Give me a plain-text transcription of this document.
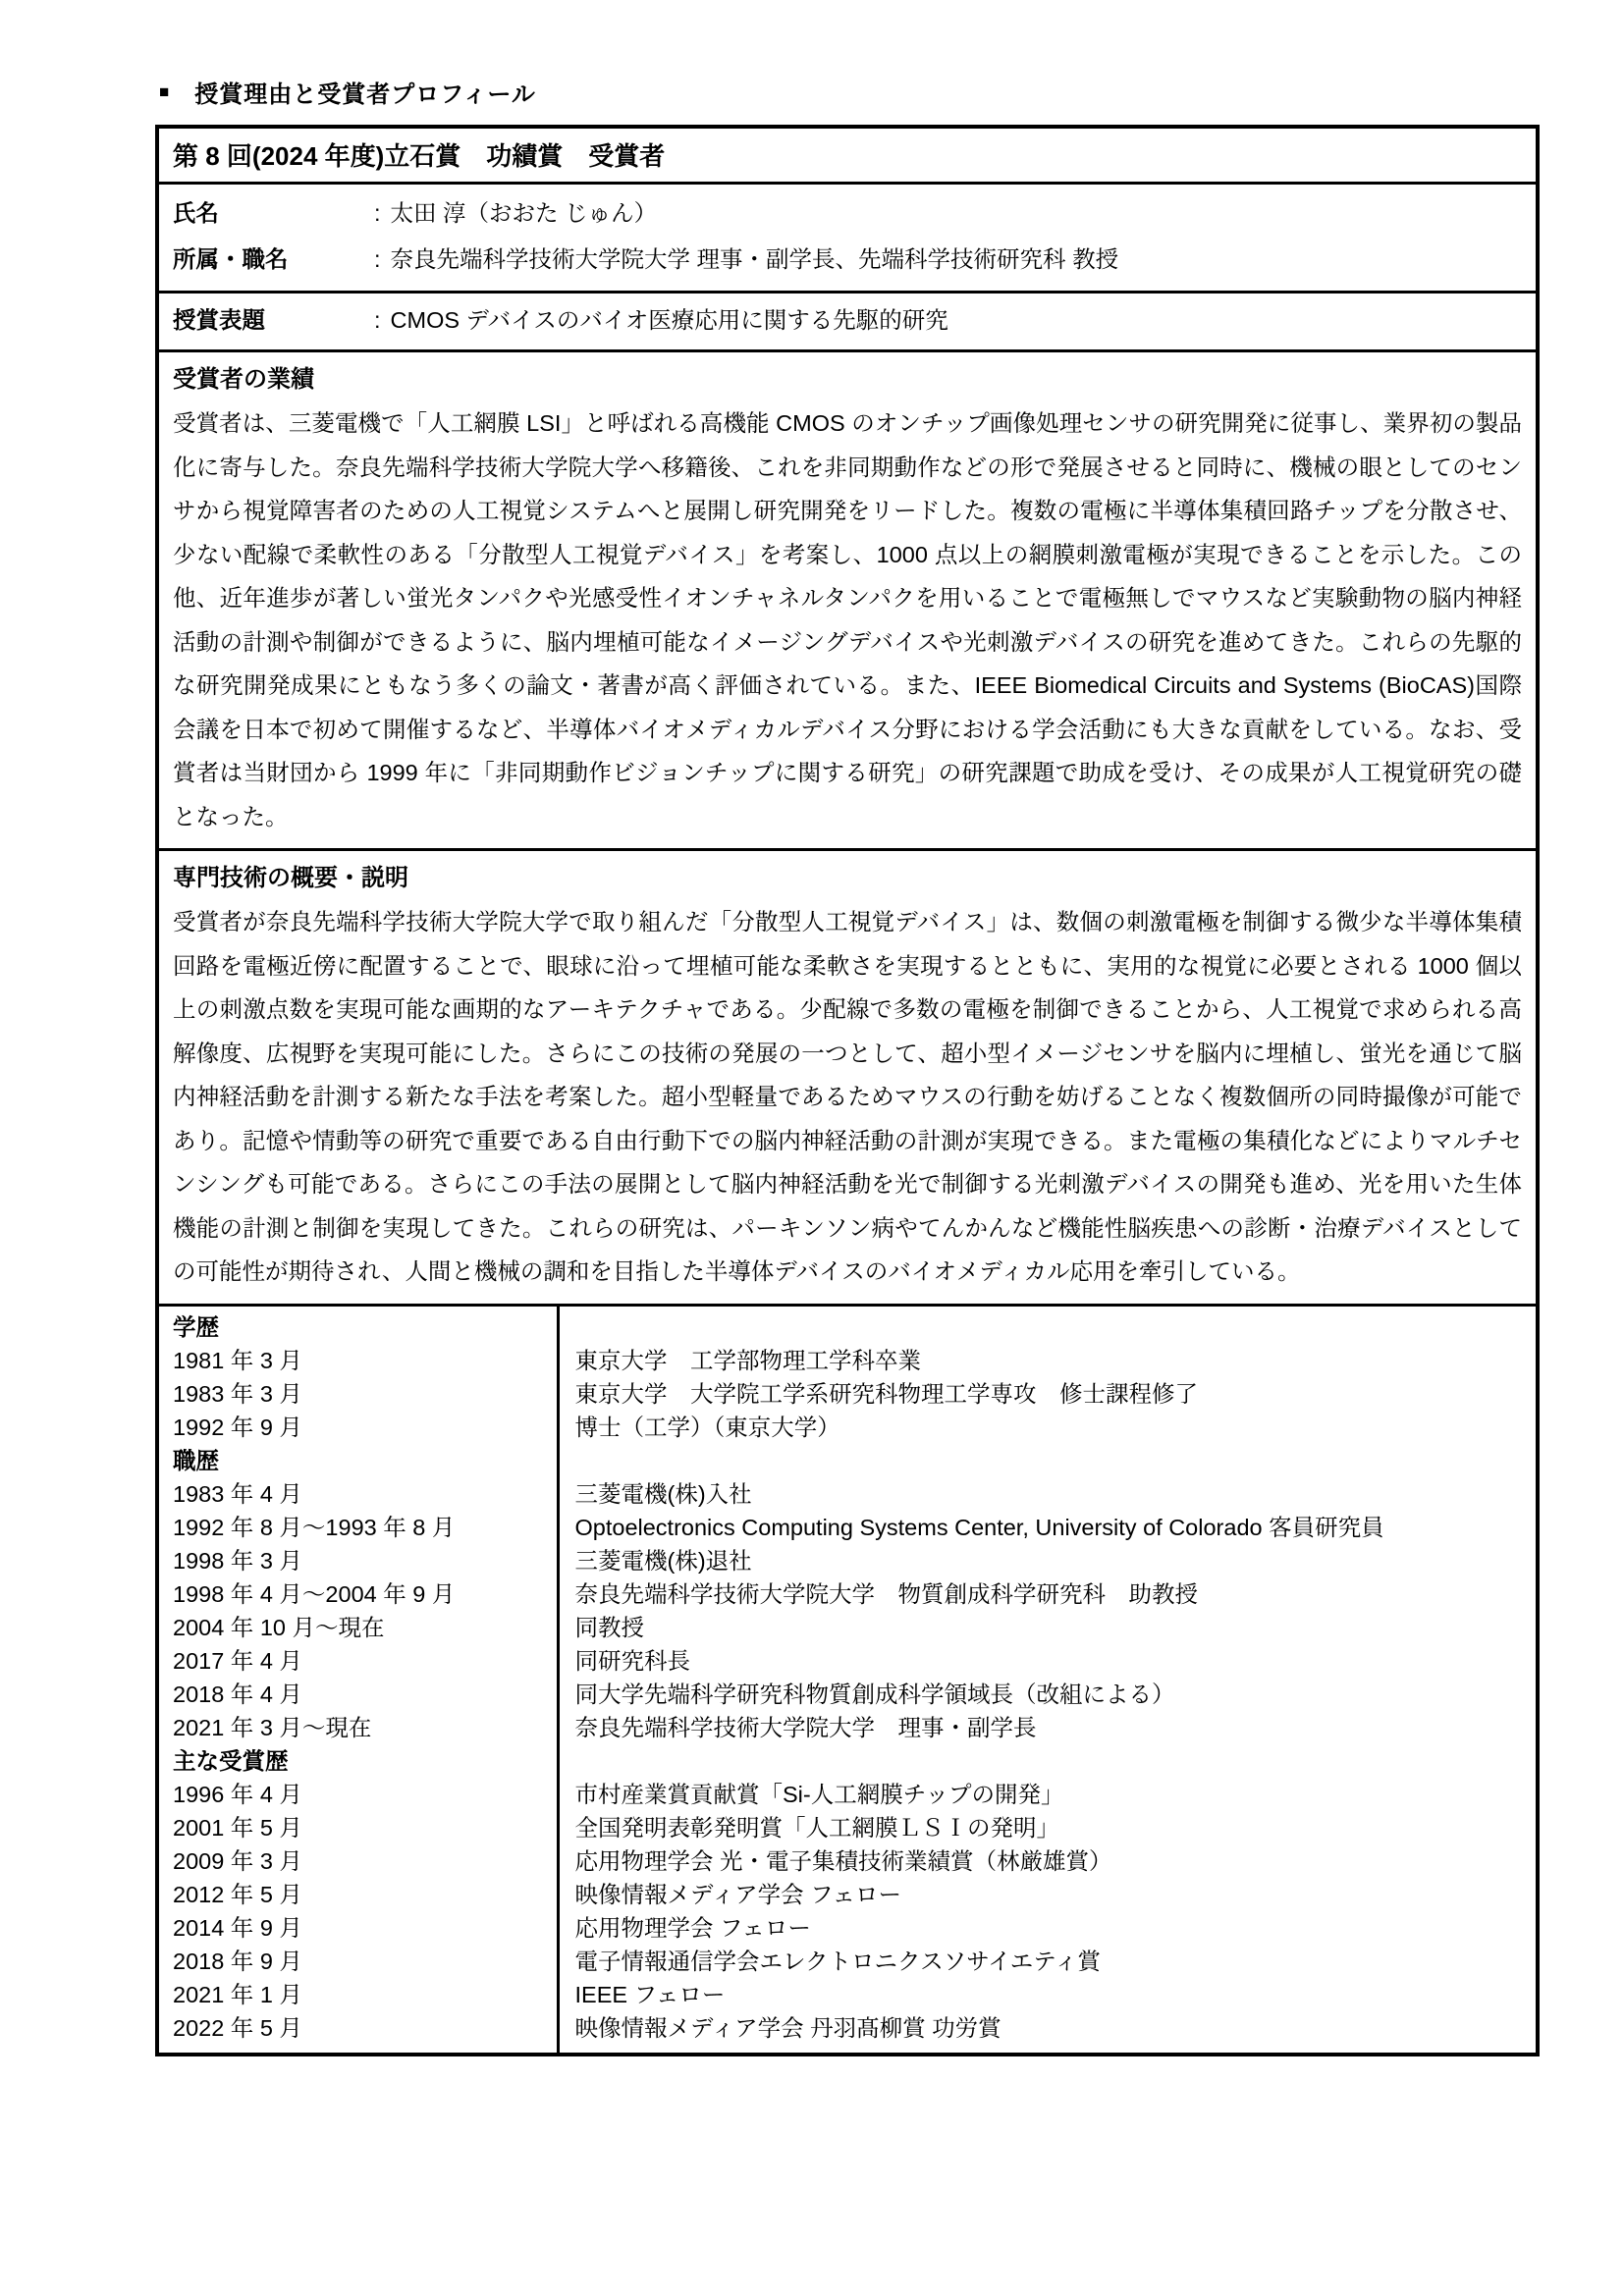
■ 授賞理由と受賞者プロフィール
第 8 回(2024 年度)立石賞　功績賞　受賞者
氏名	: 太田 淳（おおた じゅん）
所属・職名	: 奈良先端科学技術大学院大学 理事・副学長、先端科学技術研究科 教授
授賞表題	: CMOS デバイスのバイオ医療応用に関する先駆的研究
受賞者の業績

受賞者は、三菱電機で「人工網膜 LSI」と呼ばれる高機能 CMOS のオンチップ画像処理センサの研究開発に従事し、業界初の製品化に寄与した。奈良先端科学技術大学院大学へ移籍後、これを非同期動作などの形で発展させると同時に、機械の眼としてのセンサから視覚障害者のための人工視覚システムへと展開し研究開発をリードした。複数の電極に半導体集積回路チップを分散させ、少ない配線で柔軟性のある「分散型人工視覚デバイス」を考案し、1000 点以上の網膜刺激電極が実現できることを示した。この他、近年進歩が著しい蛍光タンパクや光感受性イオンチャネルタンパクを用いることで電極無しでマウスなど実験動物の脳内神経活動の計測や制御ができるように、脳内埋植可能なイメージングデバイスや光刺激デバイスの研究を進めてきた。これらの先駆的な研究開発成果にともなう多くの論文・著書が高く評価されている。また、IEEE Biomedical Circuits and Systems (BioCAS)国際会議を日本で初めて開催するなど、半導体バイオメディカルデバイス分野における学会活動にも大きな貢献をしている。なお、受賞者は当財団から 1999 年に「非同期動作ビジョンチップに関する研究」の研究課題で助成を受け、その成果が人工視覚研究の礎となった。

専門技術の概要・説明

受賞者が奈良先端科学技術大学院大学で取り組んだ「分散型人工視覚デバイス」は、数個の刺激電極を制御する微少な半導体集積回路を電極近傍に配置することで、眼球に沿って埋植可能な柔軟さを実現するとともに、実用的な視覚に必要とされる 1000 個以上の刺激点数を実現可能な画期的なアーキテクチャである。少配線で多数の電極を制御できることから、人工視覚で求められる高解像度、広視野を実現可能にした。さらにこの技術の発展の一つとして、超小型イメージセンサを脳内に埋植し、蛍光を通じて脳内神経活動を計測する新たな手法を考案した。超小型軽量であるためマウスの行動を妨げることなく複数個所の同時撮像が可能であり。記憶や情動等の研究で重要である自由行動下での脳内神経活動の計測が実現できる。また電極の集積化などによりマルチセンシングも可能である。さらにこの手法の展開として脳内神経活動を光で制御する光刺激デバイスの開発も進め、光を用いた生体機能の計測と制御を実現してきた。これらの研究は、パーキンソン病やてんかんなど機能性脳疾患への診断・治療デバイスとしての可能性が期待され、人間と機械の調和を目指した半導体デバイスのバイオメディカル応用を牽引している。

学歴	
1981 年 3 月	東京大学　工学部物理工学科卒業
1983 年 3 月	東京大学　大学院工学系研究科物理工学専攻　修士課程修了
1992 年 9 月	博士（工学）（東京大学）
職歴	
1983 年 4 月	三菱電機(株)入社
1992 年 8 月～1993 年 8 月	Optoelectronics Computing Systems Center, University of Colorado 客員研究員
1998 年 3 月	三菱電機(株)退社
1998 年 4 月～2004 年 9 月	奈良先端科学技術大学院大学　物質創成科学研究科　助教授
2004 年 10 月～現在	同教授
2017 年 4 月	同研究科長
2018 年 4 月	同大学先端科学研究科物質創成科学領域長（改組による）
2021 年 3 月～現在	奈良先端科学技術大学院大学　理事・副学長
主な受賞歴	
1996 年 4 月	市村産業賞貢献賞「Si-人工網膜チップの開発」
2001 年 5 月	全国発明表彰発明賞「人工網膜ＬＳＩの発明」
2009 年 3 月	応用物理学会 光・電子集積技術業績賞（林厳雄賞）
2012 年 5 月	映像情報メディア学会 フェロー
2014 年 9 月	応用物理学会 フェロー
2018 年 9 月	電子情報通信学会エレクトロニクスソサイエティ賞
2021 年 1 月	IEEE フェロー
2022 年 5 月	映像情報メディア学会 丹羽髙柳賞 功労賞
